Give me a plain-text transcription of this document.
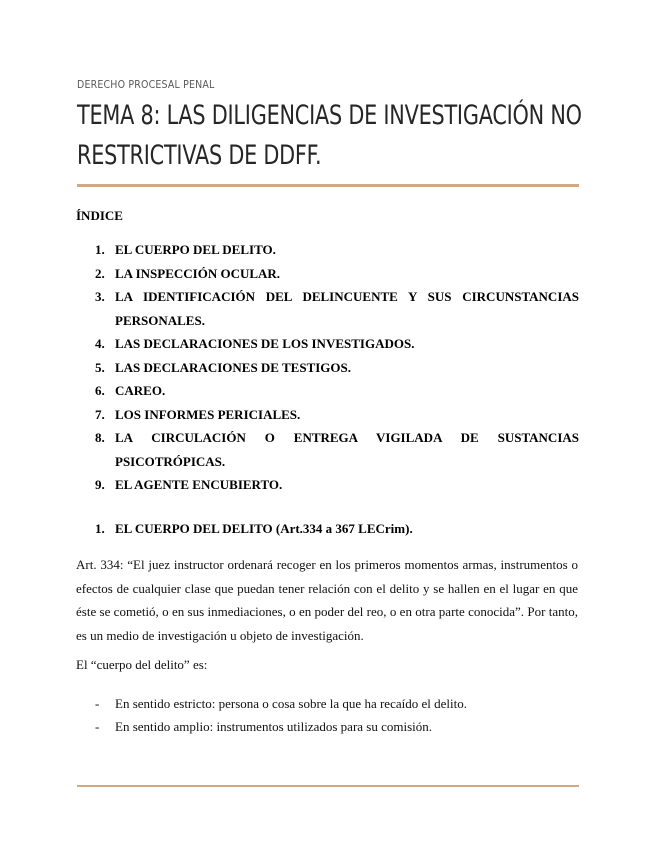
DERECHO PROCESAL PENAL
TEMA 8: LAS DILIGENCIAS DE INVESTIGACIÓN NO
RESTRICTIVAS DE DDFF.
ÍNDICE
1. EL CUERPO DEL DELITO.
2. LA INSPECCIÓN OCULAR.
3. LA IDENTIFICACIÓN DEL DELINCUENTE Y SUS CIRCUNSTANCIAS
PERSONALES.
4. LAS DECLARACIONES DE LOS INVESTIGADOS.
5. LAS DECLARACIONES DE TESTIGOS.
6. CAREO.
7. LOS INFORMES PERICIALES.
8. LA CIRCULACIÓN O ENTREGA VIGILADA DE SUSTANCIAS
PSICOTRÓPICAS.
9. EL AGENTE ENCUBIERTO.
1. EL CUERPO DEL DELITO (Art.334 a 367 LECrim).
Art. 334: “El juez instructor ordenará recoger en los primeros momentos armas, instrumentos o
efectos de cualquier clase que puedan tener relación con el delito y se hallen en el lugar en que
éste se cometió, o en sus inmediaciones, o en poder del reo, o en otra parte conocida”. Por tanto,
es un medio de investigación u objeto de investigación.
El “cuerpo del delito” es:
- En sentido estricto: persona o cosa sobre la que ha recaído el delito.
- En sentido amplio: instrumentos utilizados para su comisión.
